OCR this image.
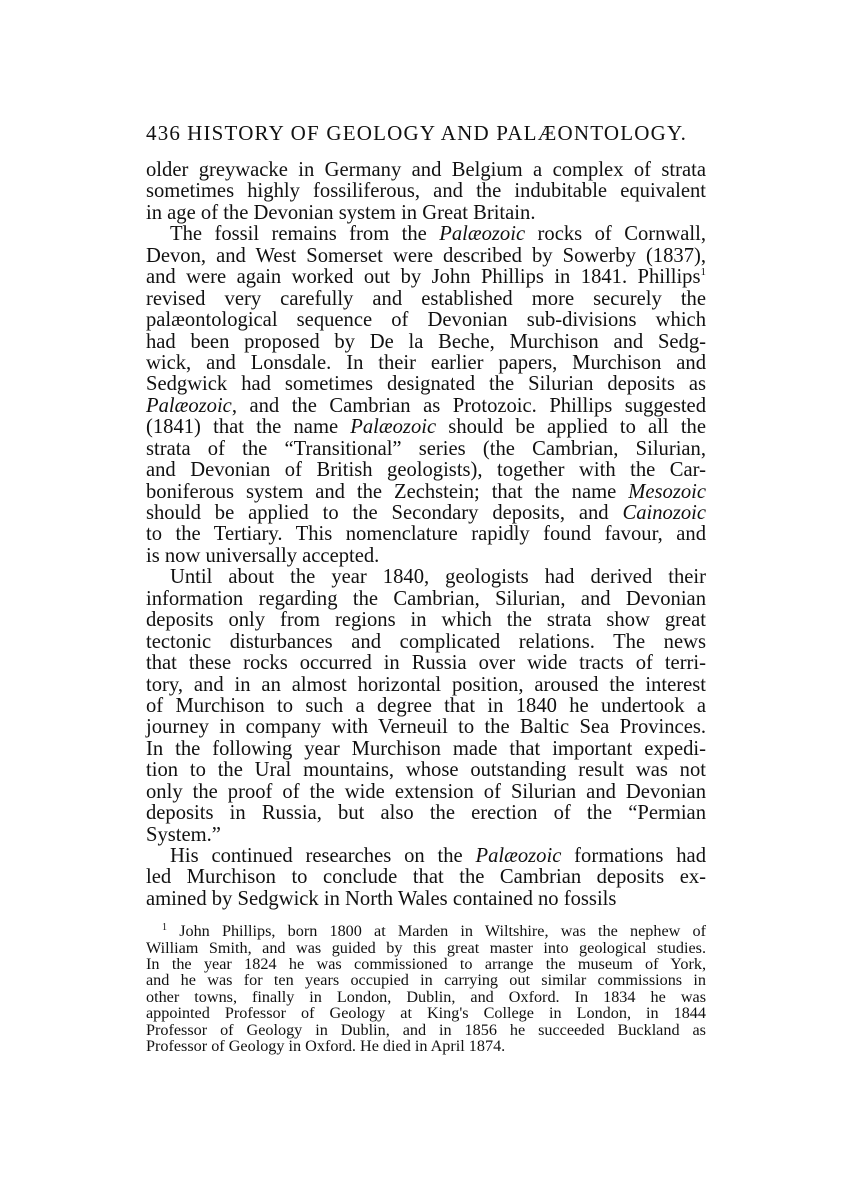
436 HISTORY OF GEOLOGY AND PALÆONTOLOGY.

older greywacke in Germany and Belgium a complex of strata
sometimes highly fossiliferous, and the indubitable equivalent
in age of the Devonian system in Great Britain.

The fossil remains from the Palæozoic rocks of Cornwall,
Devon, and West Somerset were described by Sowerby (1837),
and were again worked out by John Phillips in 1841. Phillips$^1$
revised very carefully and established more securely the
palæontological sequence of Devonian sub-divisions which
had been proposed by De la Beche, Murchison and Sedg-
wick, and Lonsdale. In their earlier papers, Murchison and
Sedgwick had sometimes designated the Silurian deposits as
Palæozoic, and the Cambrian as Protozoic. Phillips suggested
(1841) that the name Palæozoic should be applied to all the
strata of the “Transitional” series (the Cambrian, Silurian,
and Devonian of British geologists), together with the Car-
boniferous system and the Zechstein; that the name Mesozoic
should be applied to the Secondary deposits, and Cainozoic
to the Tertiary. This nomenclature rapidly found favour, and
is now universally accepted.

Until about the year 1840, geologists had derived their
information regarding the Cambrian, Silurian, and Devonian
deposits only from regions in which the strata show great
tectonic disturbances and complicated relations. The news
that these rocks occurred in Russia over wide tracts of terri-
tory, and in an almost horizontal position, aroused the interest
of Murchison to such a degree that in 1840 he undertook a
journey in company with Verneuil to the Baltic Sea Provinces.
In the following year Murchison made that important expedi-
tion to the Ural mountains, whose outstanding result was not
only the proof of the wide extension of Silurian and Devonian
deposits in Russia, but also the erection of the “Permian
System.”

His continued researches on the Palæozoic formations had
led Murchison to conclude that the Cambrian deposits ex-
amined by Sedgwick in North Wales contained no fossils

$^1$ John Phillips, born 1800 at Marden in Wiltshire, was the nephew of
William Smith, and was guided by this great master into geological studies.
In the year 1824 he was commissioned to arrange the museum of York,
and he was for ten years occupied in carrying out similar commissions in
other towns, finally in London, Dublin, and Oxford. In 1834 he was
appointed Professor of Geology at King's College in London, in 1844
Professor of Geology in Dublin, and in 1856 he succeeded Buckland as
Professor of Geology in Oxford. He died in April 1874.
